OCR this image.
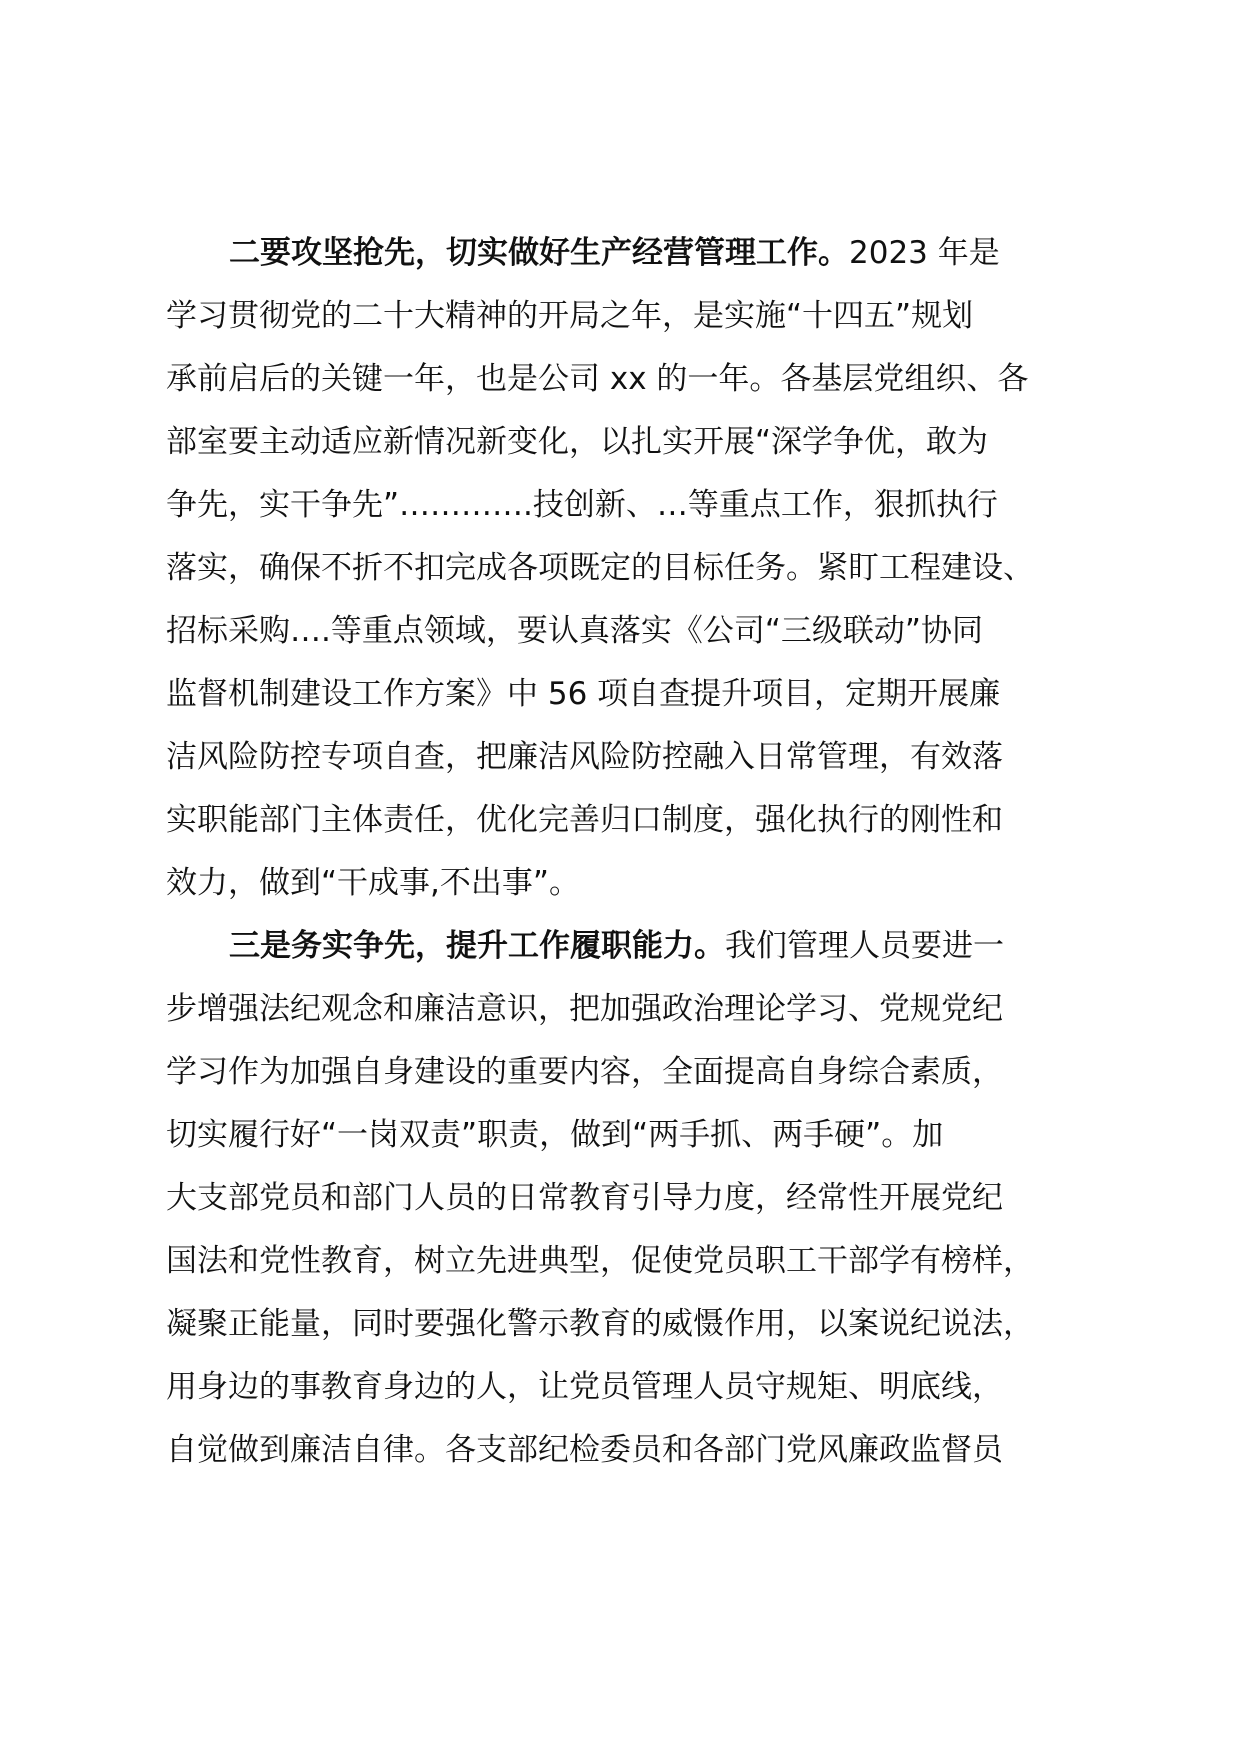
二要攻坚抢先，切实做好生产经营管理工作。2023 年是
学习贯彻党的二十大精神的开局之年，是实施“十四五”规划
承前启后的关键一年，也是公司 xx 的一年。各基层党组织、各
部室要主动适应新情况新变化，以扎实开展“深学争优，敢为
争先，实干争先”………….技创新、…等重点工作，狠抓执行
落实，确保不折不扣完成各项既定的目标任务。紧盯工程建设、
招标采购….等重点领域，要认真落实《公司“三级联动”协同
监督机制建设工作方案》中 56 项自查提升项目，定期开展廉
洁风险防控专项自查，把廉洁风险防控融入日常管理，有效落
实职能部门主体责任，优化完善归口制度，强化执行的刚性和
效力，做到“干成事,不出事”。
三是务实争先，提升工作履职能力。我们管理人员要进一
步增强法纪观念和廉洁意识，把加强政治理论学习、党规党纪
学习作为加强自身建设的重要内容，全面提高自身综合素质，
切实履行好“一岗双责”职责，做到“两手抓、两手硬”。加
大支部党员和部门人员的日常教育引导力度，经常性开展党纪
国法和党性教育，树立先进典型，促使党员职工干部学有榜样，
凝聚正能量，同时要强化警示教育的威慑作用，以案说纪说法，
用身边的事教育身边的人，让党员管理人员守规矩、明底线，
自觉做到廉洁自律。各支部纪检委员和各部门党风廉政监督员
